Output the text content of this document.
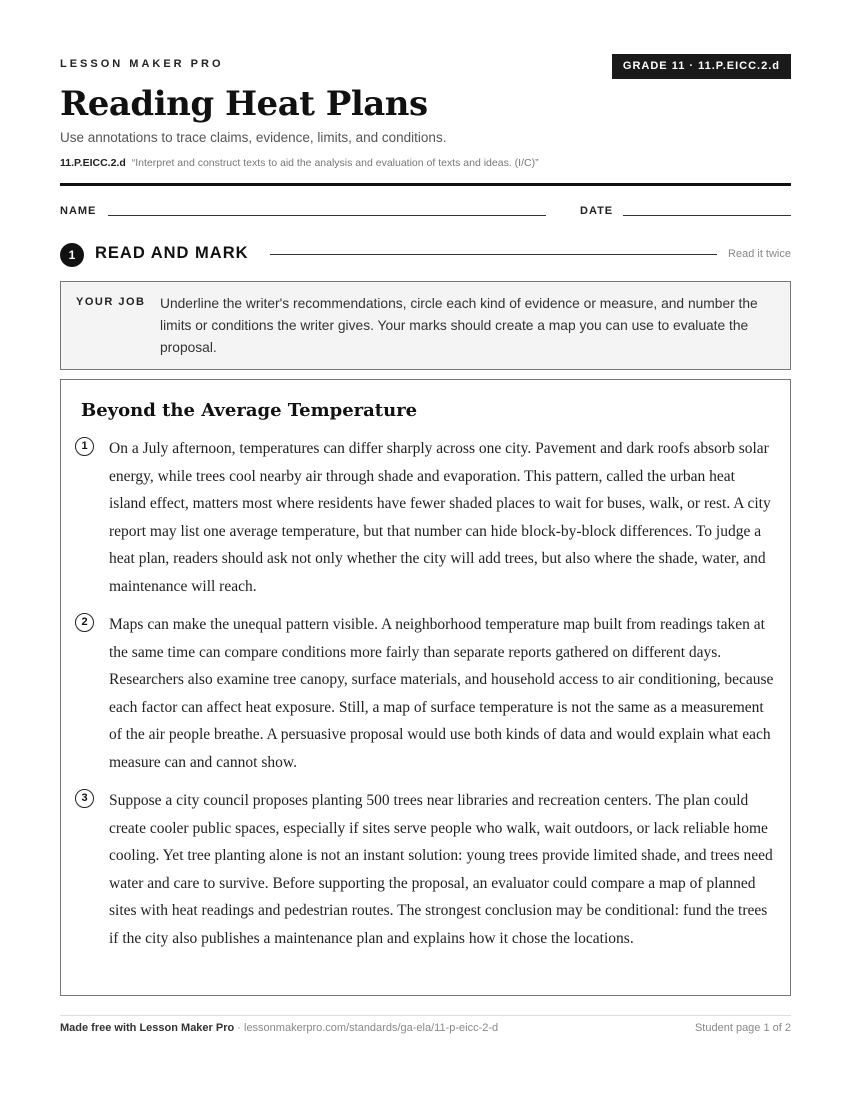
LESSON MAKER PRO	GRADE 11 · 11.P.EICC.2.d
Reading Heat Plans
Use annotations to trace claims, evidence, limits, and conditions.
11.P.EICC.2.d “Interpret and construct texts to aid the analysis and evaluation of texts and ideas. (I/C)”
NAME	DATE
1	READ AND MARK	Read it twice
YOUR JOB Underline the writer's recommendations, circle each kind of evidence or measure, and number the limits or conditions the writer gives. Your marks should create a map you can use to evaluate the proposal.
Beyond the Average Temperature
1	On a July afternoon, temperatures can differ sharply across one city. Pavement and dark roofs absorb solar energy, while trees cool nearby air through shade and evaporation. This pattern, called the urban heat island effect, matters most where residents have fewer shaded places to wait for buses, walk, or rest. A city report may list one average temperature, but that number can hide block-by-block differences. To judge a heat plan, readers should ask not only whether the city will add trees, but also where the shade, water, and maintenance will reach.

2	Maps can make the unequal pattern visible. A neighborhood temperature map built from readings taken at the same time can compare conditions more fairly than separate reports gathered on different days. Researchers also examine tree canopy, surface materials, and household access to air conditioning, because each factor can affect heat exposure. Still, a map of surface temperature is not the same as a measurement of the air people breathe. A persuasive proposal would use both kinds of data and would explain what each measure can and cannot show.

3	Suppose a city council proposes planting 500 trees near libraries and recreation centers. The plan could create cooler public spaces, especially if sites serve people who walk, wait outdoors, or lack reliable home cooling. Yet tree planting alone is not an instant solution: young trees provide limited shade, and trees need water and care to survive. Before supporting the proposal, an evaluator could compare a map of planned sites with heat readings and pedestrian routes. The strongest conclusion may be conditional: fund the trees if the city also publishes a maintenance plan and explains how it chose the locations.

Made free with Lesson Maker Pro · lessonmakerpro.com/standards/ga-ela/11-p-eicc-2-d	Student page 1 of 2
